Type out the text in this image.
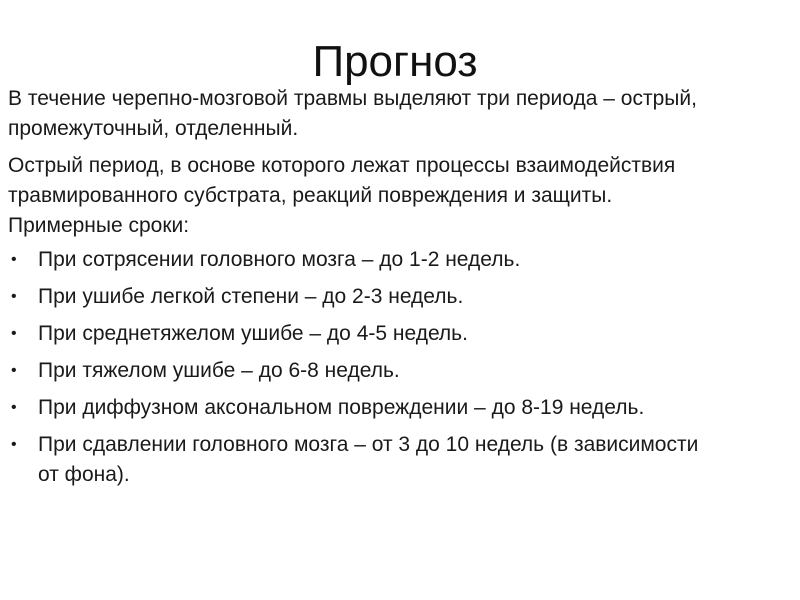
Прогноз

В течение черепно-мозговой травмы выделяют три периода – острый, промежуточный, отделенный.

Острый период, в основе которого лежат процессы взаимодействия травмированного субстрата, реакций повреждения и защиты. Примерные сроки:

• При сотрясении головного мозга – до 1-2 недель.
• При ушибе легкой степени – до 2-3 недель.
• При среднетяжелом ушибе – до 4-5 недель.
• При тяжелом ушибе – до 6-8 недель.
• При диффузном аксональном повреждении – до 8-19 недель.
• При сдавлении головного мозга – от 3 до 10 недель (в зависимости от фона).
